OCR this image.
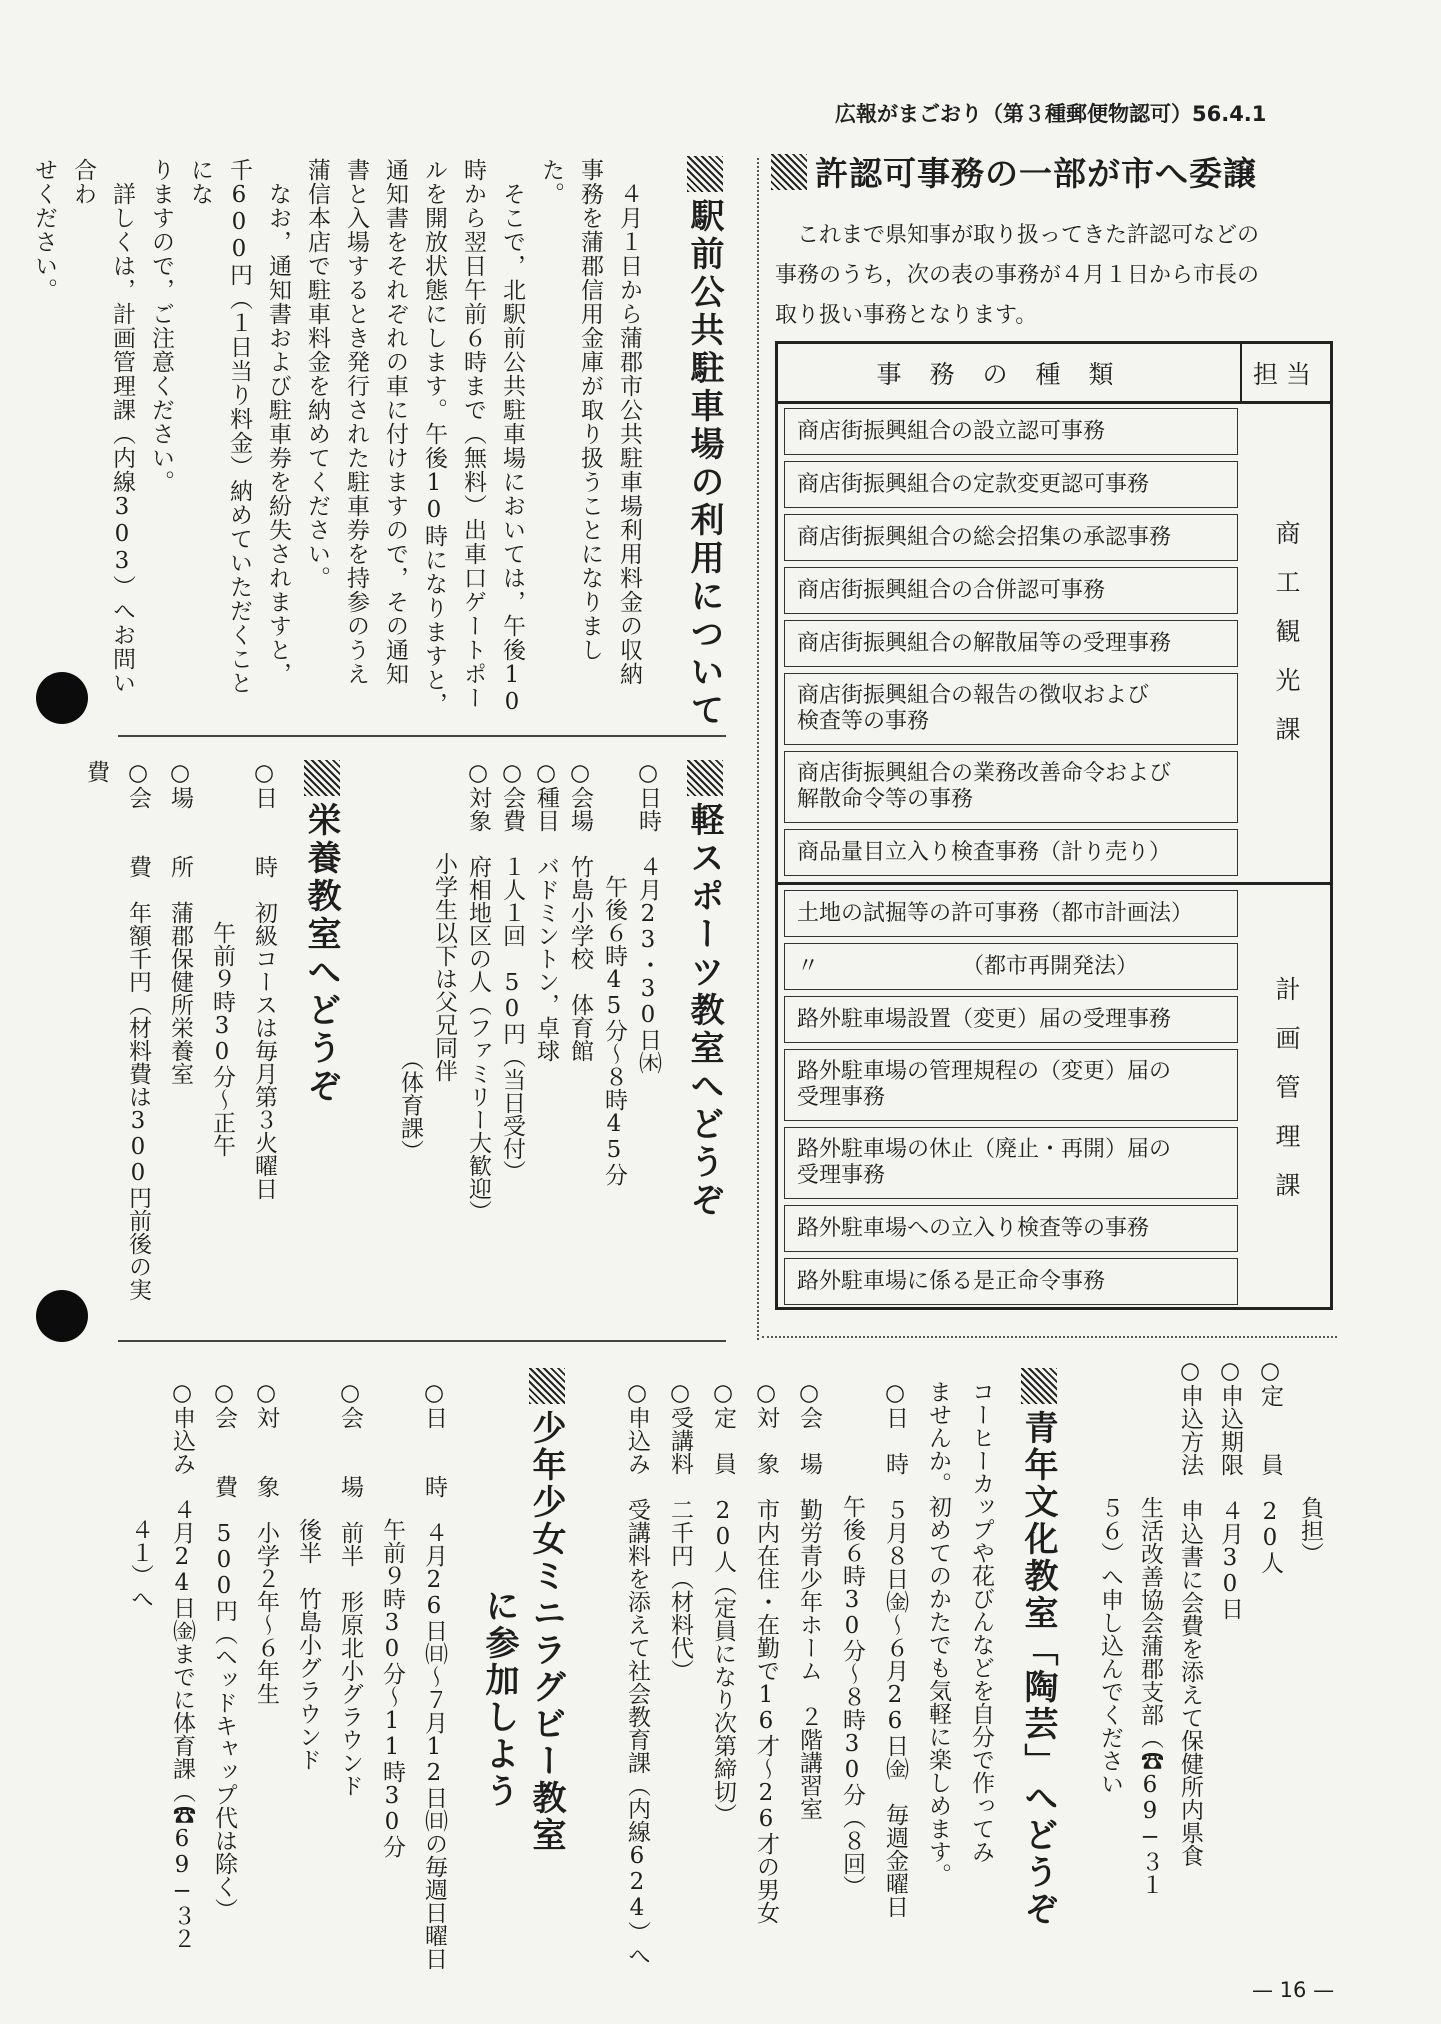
広報がまごおり（第３種郵便物認可）56.4.1
許認可事務の一部が市へ委譲
これまで県知事が取り扱ってきた許認可などの
事務のうち，次の表の事務が４月１日から市長の
取り扱い事務となります。
事務の種類	担当
商店街振興組合の設立認可事務
商店街振興組合の定款変更認可事務
商店街振興組合の総会招集の承認事務
商店街振興組合の合併認可事務
商店街振興組合の解散届等の受理事務
商店街振興組合の報告の徴収および
検査等の事務
商店街振興組合の業務改善命令および
解散命令等の事務
商品量目立入り検査事務（計り売り）
商工観光課
土地の試掘等の許可事務（都市計画法）
〃　　　　　　　（都市再開発法）
路外駐車場設置（変更）届の受理事務
路外駐車場の管理規程の（変更）届の
受理事務
路外駐車場の休止（廃止・再開）届の
受理事務
路外駐車場への立入り検査等の事務
路外駐車場に係る是正命令事務
計画管理課
駅前公共駐車場の利用について
　４月１日から蒲郡市公共駐車場利用料金の収納
事務を蒲郡信用金庫が取り扱うことになりまし
た。
　そこで，北駅前公共駐車場においては，午後10
時から翌日午前６時まで（無料）出車口ゲートポー
ルを開放状態にします。午後10時になりますと，
通知書をそれぞれの車に付けますので，その通知
書と入場するとき発行された駐車券を持参のうえ
蒲信本店で駐車料金を納めてください。
　なお，通知書および駐車券を紛失されますと，
千600円（１日当り料金）納めていただくことにな
りますので，ご注意ください。
　詳しくは，計画管理課（内線303）へお問い合わ
せください。
軽スポーツ教室へどうぞ
○日時　４月23・30日㈭
　　　　　午後６時45分〜８時45分
○会場　竹島小学校　体育館
○種目　バドミントン，卓球
○会費　１人１回　50円（当日受付）
○対象　府相地区の人（ファミリー大歓迎）
　　　　小学生以下は父兄同伴
　　　　　　　　　　　　　（体育課）
栄養教室へどうぞ
○日　　時　初級コースは毎月第３火曜日
　　　　　　　午前９時30分〜正午
○場　　所　蒲郡保健所栄養室
○会　　費　年額千円（材料費は300円前後の実費
　　　　　　負担）
○定　　員　20人
○申込期限　４月30日
○申込方法　申込書に会費を添えて保健所内県食
　　　　　　生活改善協会蒲郡支部（☎69−３１
　　　　　　５６）へ申し込んでください
青年文化教室「陶芸」へどうぞ
コーヒーカップや花びんなどを自分で作ってみ
ませんか。初めてのかたでも気軽に楽しめます。
○日　時　５月８日㈮〜６月26日㈮　毎週金曜日
　　　　　午後６時30分〜８時30分（８回）
○会　場　勤労青少年ホーム　２階講習室
○対　象　市内在住・在勤で16才〜26才の男女
○定　員　20人（定員になり次第締切）
○受講料　二千円（材料代）
○申込み　受講料を添えて社会教育課（内線624）へ
少年少女ミニラグビー教室
に参加しよう
○日　　時　４月26日㈰〜７月12日㈰の毎週日曜日
　　　　　　午前９時30分〜11時30分
○会　　場　前半　形原北小グラウンド
　　　　　　後半　竹島小グラウンド
○対　　象　小学２年〜６年生
○会　　費　500円（ヘッドキャップ代は除く）
○申込み　４月24日㈮までに体育課（☎69−３２
　　　　　　４１）へ
— 16 —
